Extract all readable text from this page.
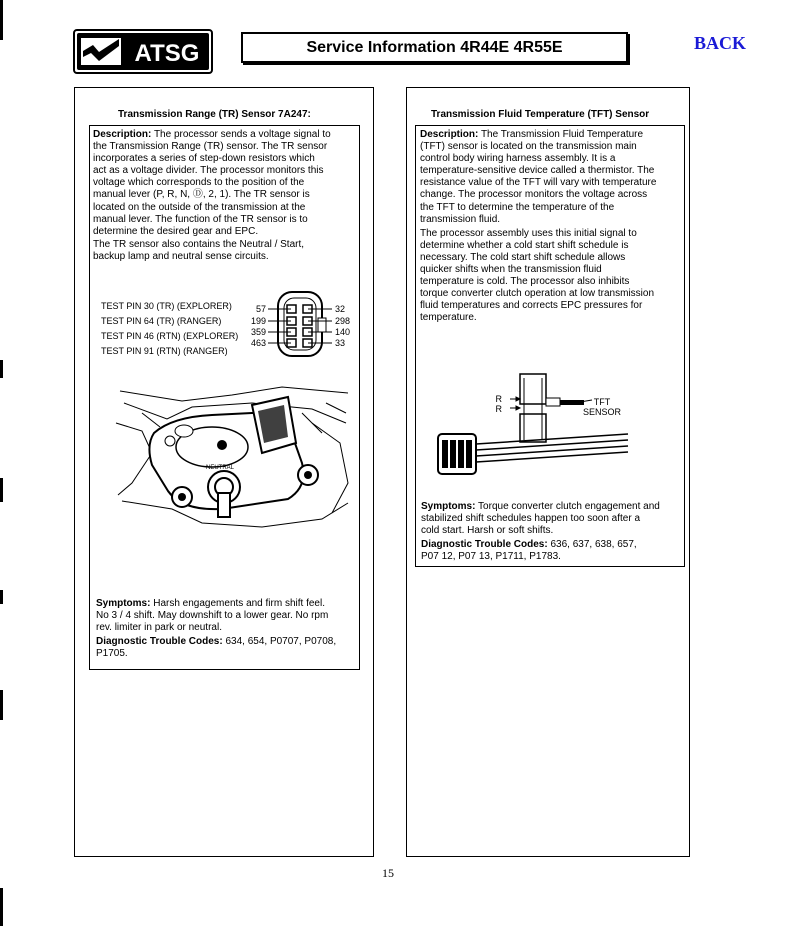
ATSG	Service Information 4R44E 4R55E	BACK
Transmission Range (TR) Sensor 7A247:

Description: The processor sends a voltage signal to

the Transmission Range (TR) sensor. The TR sensor

incorporates a series of step-down resistors which

act as a voltage divider. The processor monitors this

voltage which corresponds to the position of the

manual lever (P, R, N, Ⓓ, 2, 1). The TR sensor is

located on the outside of the transmission at the

manual lever. The function of the TR sensor is to

determine the desired gear and EPC.

The TR sensor also contains the Neutral / Start,

backup lamp and neutral sense circuits.

TEST PIN 30 (TR) (EXPLORER)
TEST PIN 64 (TR) (RANGER)
TEST PIN 46 (RTN) (EXPLORER)
TEST PIN 91 (RTN) (RANGER)
57
199
359
463
32
298
140
33
NEUTRAL

Symptoms: Harsh engagements and firm shift feel.

No 3 / 4 shift. May downshift to a lower gear. No rpm

rev. limiter in park or neutral.

Diagnostic Trouble Codes: 634, 654, P0707, P0708,

P1705.

Transmission Fluid Temperature (TFT) Sensor

Description: The Transmission Fluid Temperature

(TFT) sensor is located on the transmission main

control body wiring harness assembly. It is a

temperature-sensitive device called a thermistor. The

resistance value of the TFT will vary with temperature

change. The processor monitors the voltage across

the TFT to determine the temperature of the

transmission fluid.

The processor assembly uses this initial signal to

determine whether a cold start shift schedule is

necessary. The cold start shift schedule allows

quicker shifts when the transmission fluid

temperature is cold. The processor also inhibits

torque converter clutch operation at low transmission

fluid temperatures and corrects EPC pressures for

temperature.

R
R
TFT
SENSOR

Symptoms: Torque converter clutch engagement and

stabilized shift schedules happen too soon after a

cold start. Harsh or soft shifts.

Diagnostic Trouble Codes: 636, 637, 638, 657,

P07 12, P07 13, P1711, P1783.

15
